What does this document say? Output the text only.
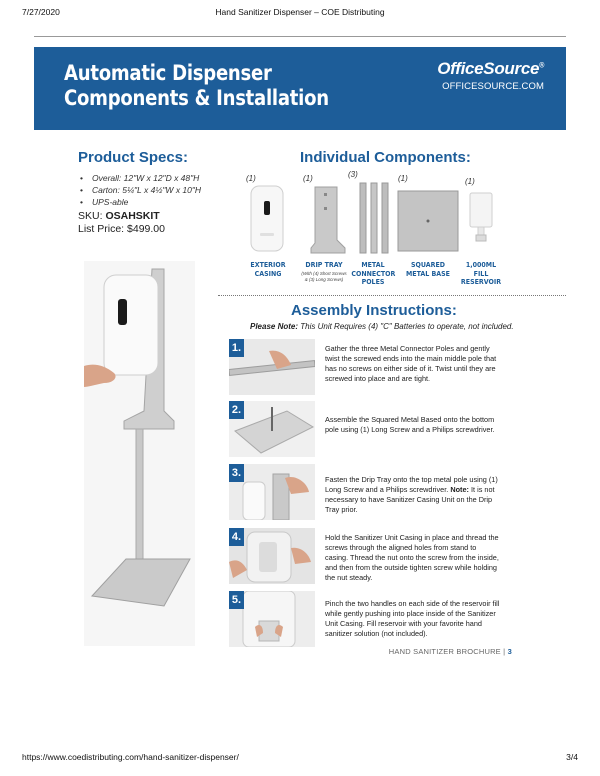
7/27/2020	Hand Sanitizer Dispenser – COE Distributing
Automatic Dispenser
Components & Installation
OfficeSource®
OFFICESOURCE.COM
Product Specs:
• Overall: 12"W x 12"D x 48"H
• Carton: 5¼"L x 4½"W x 10"H
• UPS-able
SKU: OSAHSKIT
List Price: $499.00
Individual Components:
(1)	(1)	(3)	(1)	(1)
EXTERIOR
CASING
DRIP TRAY
(With (4) Short Screws
& (3) Long Screws)
METAL
CONNECTOR
POLES
SQUARED
METAL BASE
1,000ML
FILL
RESERVOIR
Assembly Instructions:
Please Note: This Unit Requires (4) "C" Batteries to operate, not included.
1.	Gather the three Metal Connector Poles and gently twist the screwed ends into the main middle pole that has no screws on either side of it. Twist until they are screwed into place and are tight.
2.
Assemble the Squared Metal Based onto the bottom pole using (1) Long Screw and a Philips screwdriver.
3.
Fasten the Drip Tray onto the top metal pole using (1) Long Screw and a Philips screwdriver. Note: It is not necessary to have Sanitizer Casing Unit on the Drip Tray prior.
4.	Hold the Sanitizer Unit Casing in place and thread the screws through the aligned holes from stand to casing. Thread the nut onto the screw from the inside, and then from the outside tighten screw while holding the nut steady.
5.	Pinch the two handles on each side of the reservoir fill while gently pushing into place inside of the Sanitizer Unit Casing. Fill reservoir with your favorite hand sanitizer solution (not included).
HAND SANITIZER BROCHURE | 3
https://www.coedistributing.com/hand-sanitizer-dispenser/	3/4
